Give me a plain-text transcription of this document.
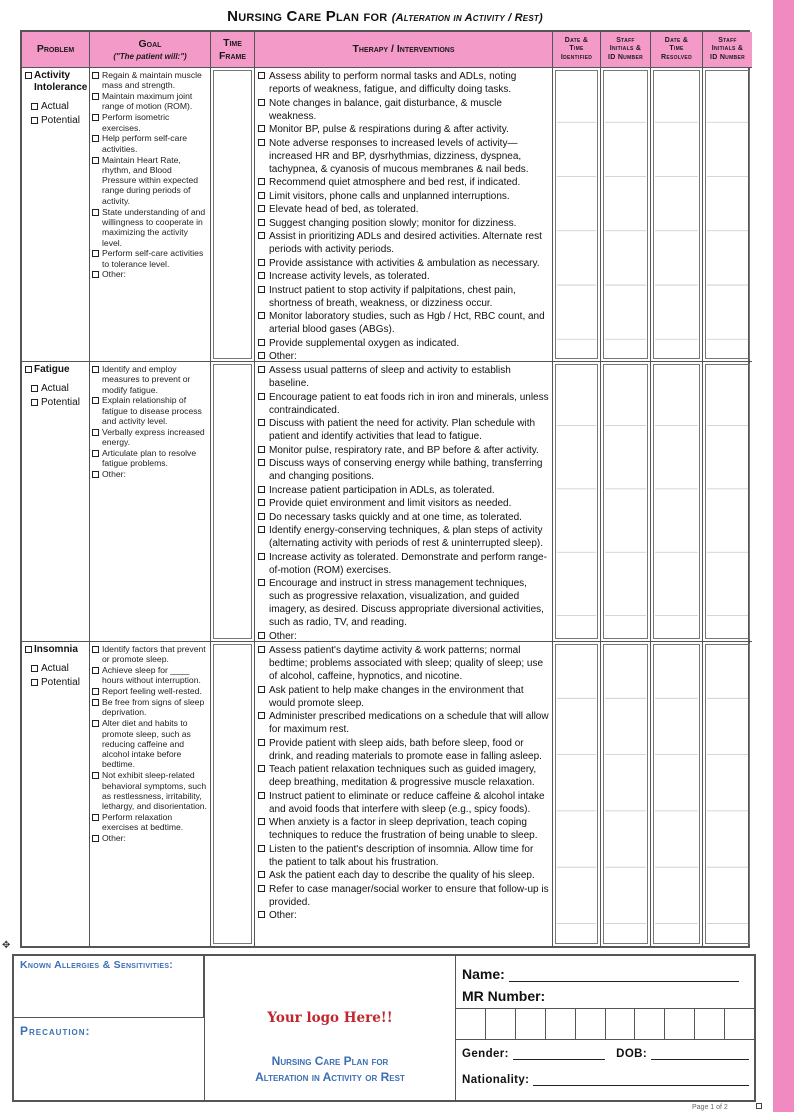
Nursing Care Plan for (Alteration in Activity / Rest)
Problem	Goal
("The patient will:")
Time
Frame
Therapy / Interventions
Date &
Time
Identified
Staff
Initials &
ID Number
Date &
Time
Resolved
Staff
Initials &
ID Number
Activity Intolerance
Actual
Potential
Regain & maintain muscle mass and strength.
Maintain maximum joint range of motion (ROM).
Perform isometric exercises.
Help perform self-care activities.
Maintain Heart Rate, rhythm, and Blood Pressure within expected range during periods of activity.
State understanding of and willingness to cooperate in maximizing the activity level.
Perform self-care activities to tolerance level.
Other:
Assess ability to perform normal tasks and ADLs, noting reports of weakness, fatigue, and difficulty doing tasks.
Note changes in balance, gait disturbance, & muscle weakness.
Monitor BP, pulse & respirations during & after activity.
Note adverse responses to increased levels of activity—increased HR and BP, dysrhythmias, dizziness, dyspnea, tachypnea, & cyanosis of mucous membranes & nail beds.
Recommend quiet atmosphere and bed rest, if indicated.
Limit visitors, phone calls and unplanned interruptions.
Elevate head of bed, as tolerated.
Suggest changing position slowly; monitor for dizziness.
Assist in prioritizing ADLs and desired activities. Alternate rest periods with activity periods.
Provide assistance with activities & ambulation as necessary.
Increase activity levels, as tolerated.
Instruct patient to stop activity if palpitations, chest pain, shortness of breath, weakness, or dizziness occur.
Monitor laboratory studies, such as Hgb / Hct, RBC count, and arterial blood gases (ABGs).
Provide supplemental oxygen as indicated.
Other:
Fatigue
Actual
Potential
Identify and employ measures to prevent or modify fatigue.
Explain relationship of fatigue to disease process and activity level.
Verbally express increased energy.
Articulate plan to resolve fatigue problems.
Other:
Assess usual patterns of sleep and activity to establish baseline.
Encourage patient to eat foods rich in iron and minerals, unless contraindicated.
Discuss with patient the need for activity. Plan schedule with patient and identify activities that lead to fatigue.
Monitor pulse, respiratory rate, and BP before & after activity.
Discuss ways of conserving energy while bathing, transferring and changing positions.
Increase patient participation in ADLs, as tolerated.
Provide quiet environment and limit visitors as needed.
Do necessary tasks quickly and at one time, as tolerated.
Identify energy-conserving techniques, & plan steps of activity (alternating activity with periods of rest & uninterrupted sleep).
Increase activity as tolerated. Demonstrate and perform range-of-motion (ROM) exercises.
Encourage and instruct in stress management techniques, such as progressive relaxation, visualization, and guided imagery, as desired. Discuss appropriate diversional activities, such as radio, TV, and reading.
Other:
Insomnia
Actual
Potential
Identify factors that prevent or promote sleep.
Achieve sleep for ____ hours without interruption.
Report feeling well-rested.
Be free from signs of sleep deprivation.
Alter diet and habits to promote sleep, such as reducing caffeine and alcohol intake before bedtime.
Not exhibit sleep-related behavioral symptoms, such as restlessness, irritability, lethargy, and disorientation.
Perform relaxation exercises at bedtime.
Other:
Assess patient's daytime activity & work patterns; normal bedtime; problems associated with sleep; quality of sleep; use of alcohol, caffeine, hypnotics, and nicotine.
Ask patient to help make changes in the environment that would promote sleep.
Administer prescribed medications on a schedule that will allow for maximum rest.
Provide patient with sleep aids, bath before sleep, food or drink, and reading materials to promote ease in falling asleep.
Teach patient relaxation techniques such as guided imagery, deep breathing, meditation & progressive muscle relaxation.
Instruct patient to eliminate or reduce caffeine & alcohol intake and avoid foods that interfere with sleep (e.g., spicy foods).
When anxiety is a factor in sleep deprivation, teach coping techniques to reduce the frustration of being unable to sleep.
Listen to the patient's description of insomnia. Allow time for the patient to talk about his frustration.
Ask the patient each day to describe the quality of his sleep.
Refer to case manager/social worker to ensure that follow-up is provided.
Other:
Known Allergies & Sensitivities:
Precaution:
Your logo Here!!
Nursing Care Plan for
Alteration in Activity or Rest
Name:
MR Number:
Gender:	DOB:
Nationality:
✥
Page 1 of 2
